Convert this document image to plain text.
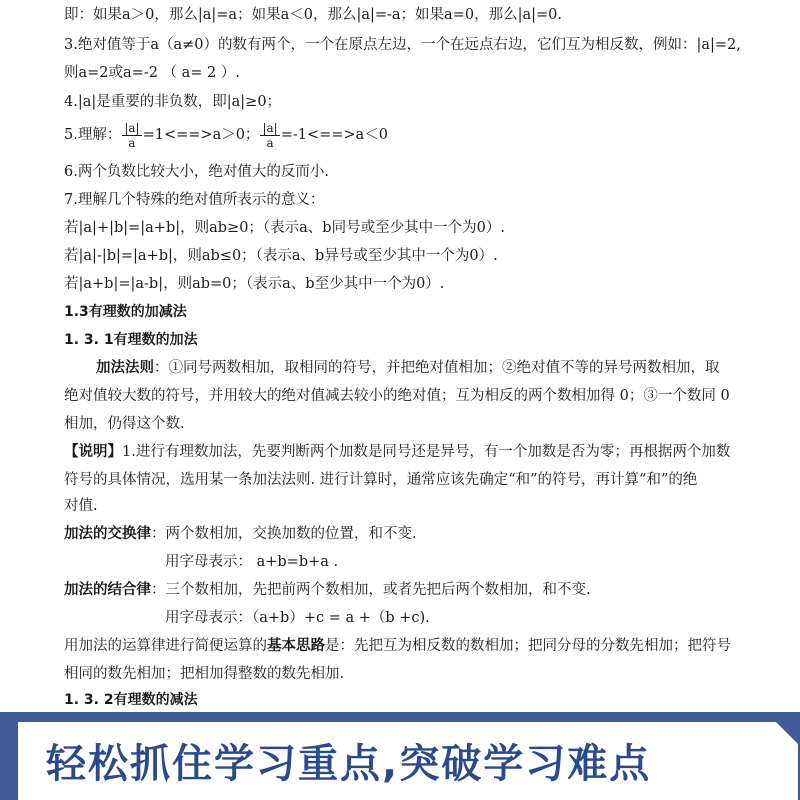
即：如果a＞0，那么|a|=a；如果a＜0，那么|a|=-a；如果a=0，那么|a|=0.
3.绝对值等于a（a≠0）的数有两个，一个在原点左边，一个在远点右边，它们互为相反数，例如：|a|=2,
则a=2或a=-2 （ a= 2 ）.
4.|a|是重要的非负数，即|a|≥0；
5.理解： $\frac{|a|}{a} =1<==>a>0$； $\frac{|a|}{a} =-1<==>a<0$
6.两个负数比较大小，绝对值大的反而小.
7.理解几个特殊的绝对值所表示的意义：
若|a|+|b|=|a+b|，则ab≥0；（表示a、b同号或至少其中一个为0）.
若|a|-|b|=|a+b|，则ab≤0；（表示a、b异号或至少其中一个为0）.
若|a+b|=|a-b|，则ab=0；（表示a、b至少其中一个为0）.
1.3有理数的加减法
1. 3. 1有理数的加法
加法法则：①同号两数相加，取相同的符号，并把绝对值相加；②绝对值不等的异号两数相加，取
绝对值较大数的符号，并用较大的绝对值减去较小的绝对值；互为相反的两个数相加得 0；③一个数同 0
相加，仍得这个数.
【说明】1.进行有理数加法，先要判断两个加数是同号还是异号，有一个加数是否为零；再根据两个加数
符号的具体情况，选用某一条加法法则. 进行计算时，通常应该先确定“和”的符号，再计算“和”的绝
对值.
加法的交换律：两个数相加，交换加数的位置，和不变.
用字母表示： a+b=b+a .
加法的结合律：三个数相加，先把前两个数相加，或者先把后两个数相加，和不变.
用字母表示：（a+b）+c = a +（b +c).
用加法的运算律进行简便运算的基本思路是：先把互为相反数的数相加；把同分母的分数先相加；把符号
相同的数先相加；把相加得整数的数先相加.
1. 3. 2有理数的减法
轻松抓住学习重点,突破学习难点
